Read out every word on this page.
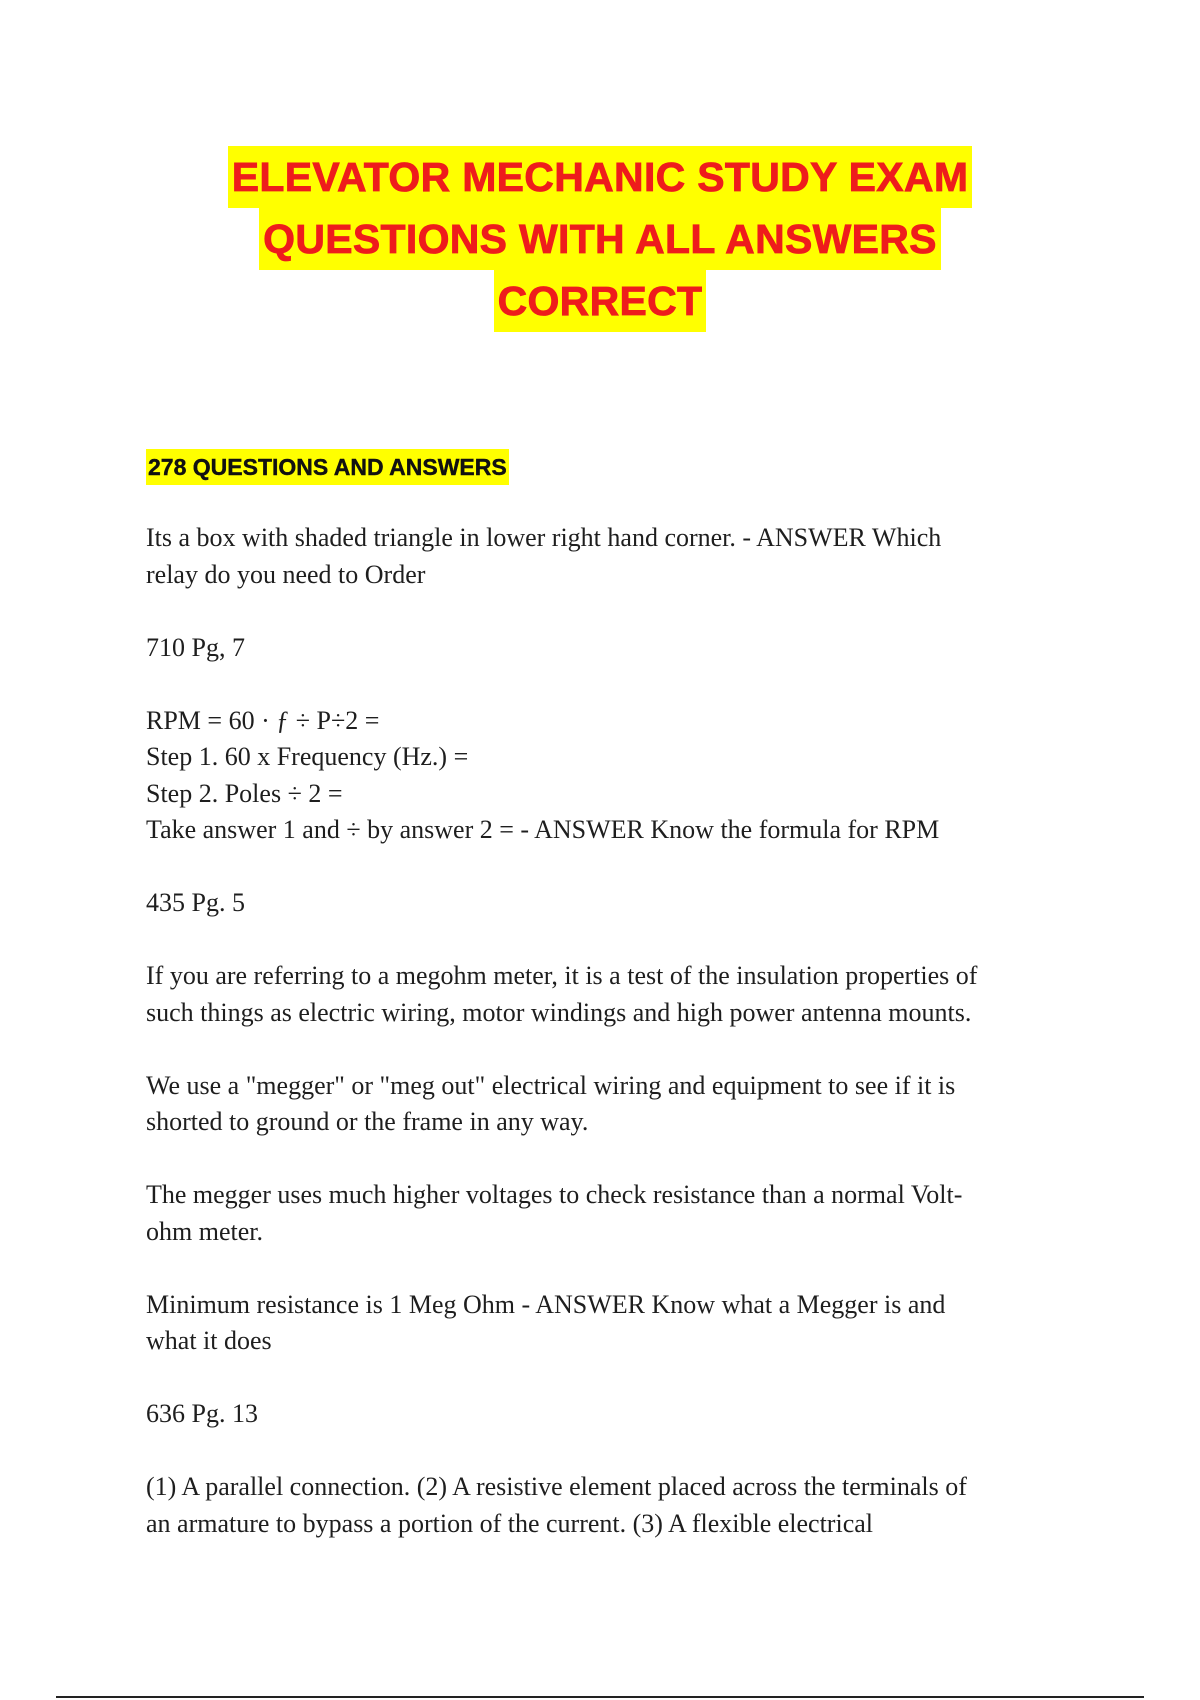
ELEVATOR MECHANIC STUDY EXAM
QUESTIONS WITH ALL ANSWERS
CORRECT
278 QUESTIONS AND ANSWERS
Its a box with shaded triangle in lower right hand corner. - ANSWER Which
relay do you need to Order
710 Pg, 7
RPM = 60 · ƒ ÷ P÷2 =
Step 1. 60 x Frequency (Hz.) =
Step 2. Poles ÷ 2 =
Take answer 1 and ÷ by answer 2 = - ANSWER Know the formula for RPM
435 Pg. 5
If you are referring to a megohm meter, it is a test of the insulation properties of
such things as electric wiring, motor windings and high power antenna mounts.
We use a "megger" or "meg out" electrical wiring and equipment to see if it is
shorted to ground or the frame in any way.
The megger uses much higher voltages to check resistance than a normal Volt-
ohm meter.
Minimum resistance is 1 Meg Ohm - ANSWER Know what a Megger is and
what it does
636 Pg. 13
(1) A parallel connection. (2) A resistive element placed across the terminals of
an armature to bypass a portion of the current. (3) A flexible electrical
